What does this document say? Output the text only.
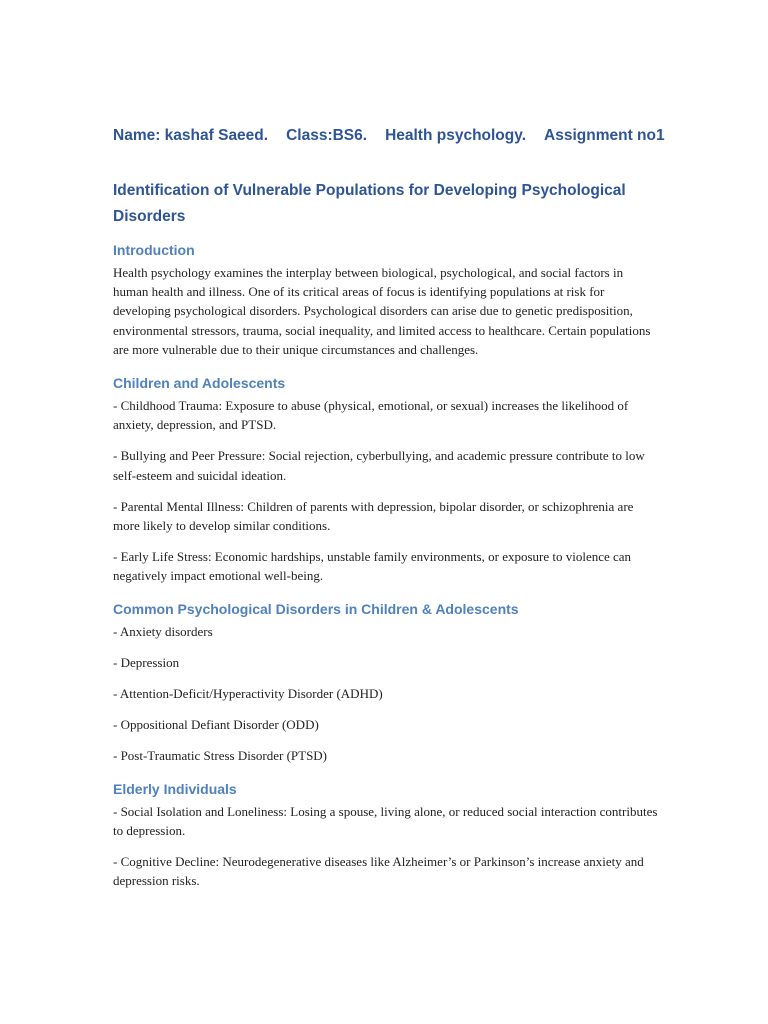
Name: kashaf Saeed. Class:BS6. Health psychology. Assignment no1
Identification of Vulnerable Populations for Developing Psychological Disorders
Introduction

Health psychology examines the interplay between biological, psychological, and social factors in human health and illness. One of its critical areas of focus is identifying populations at risk for developing psychological disorders. Psychological disorders can arise due to genetic predisposition, environmental stressors, trauma, social inequality, and limited access to healthcare. Certain populations are more vulnerable due to their unique circumstances and challenges.

Children and Adolescents

- Childhood Trauma: Exposure to abuse (physical, emotional, or sexual) increases the likelihood of anxiety, depression, and PTSD.

- Bullying and Peer Pressure: Social rejection, cyberbullying, and academic pressure contribute to low self-esteem and suicidal ideation.

- Parental Mental Illness: Children of parents with depression, bipolar disorder, or schizophrenia are more likely to develop similar conditions.

- Early Life Stress: Economic hardships, unstable family environments, or exposure to violence can negatively impact emotional well-being.

Common Psychological Disorders in Children & Adolescents

- Anxiety disorders

- Depression

- Attention-Deficit/Hyperactivity Disorder (ADHD)

- Oppositional Defiant Disorder (ODD)

- Post-Traumatic Stress Disorder (PTSD)

Elderly Individuals

- Social Isolation and Loneliness: Losing a spouse, living alone, or reduced social interaction contributes to depression.

- Cognitive Decline: Neurodegenerative diseases like Alzheimer’s or Parkinson’s increase anxiety and depression risks.
